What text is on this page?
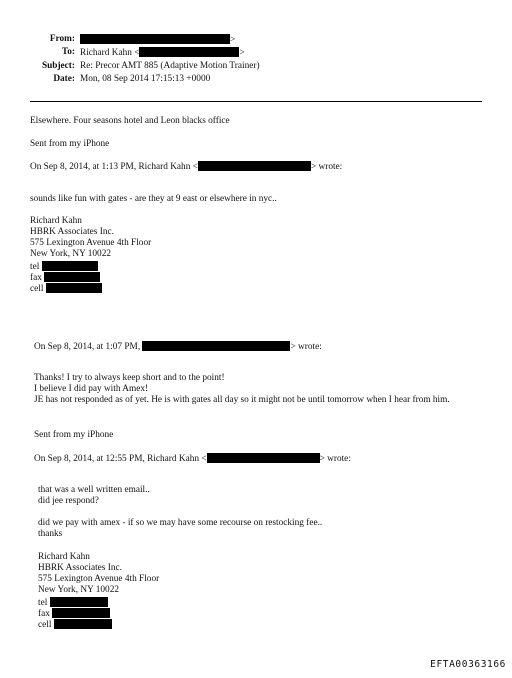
From:	>
To: Richard Kahn <	>
Subject: Re: Precor AMT 885 (Adaptive Motion Trainer)
Date: Mon, 08 Sep 2014 17:15:13 +0000
Elsewhere. Four seasons hotel and Leon blacks office
Sent from my iPhone
On Sep 8, 2014, at 1:13 PM, Richard Kahn <	> wrote:
sounds like fun with gates - are they at 9 east or elsewhere in nyc..
Richard Kahn
HBRK Associates Inc.
575 Lexington Avenue 4th Floor
New York, NY 10022
tel
fax
cell
On Sep 8, 2014, at 1:07 PM,	> wrote:
Thanks! I try to always keep short and to the point!
I believe I did pay with Amex!
JE has not responded as of yet. He is with gates all day so it might not be until tomorrow when I hear from him.
Sent from my iPhone
On Sep 8, 2014, at 12:55 PM, Richard Kahn <	> wrote:
that was a well written email..
did jee respond?
did we pay with amex - if so we may have some recourse on restocking fee..
thanks
Richard Kahn
HBRK Associates Inc.
575 Lexington Avenue 4th Floor
New York, NY 10022
tel
fax
cell
EFTA00363166
